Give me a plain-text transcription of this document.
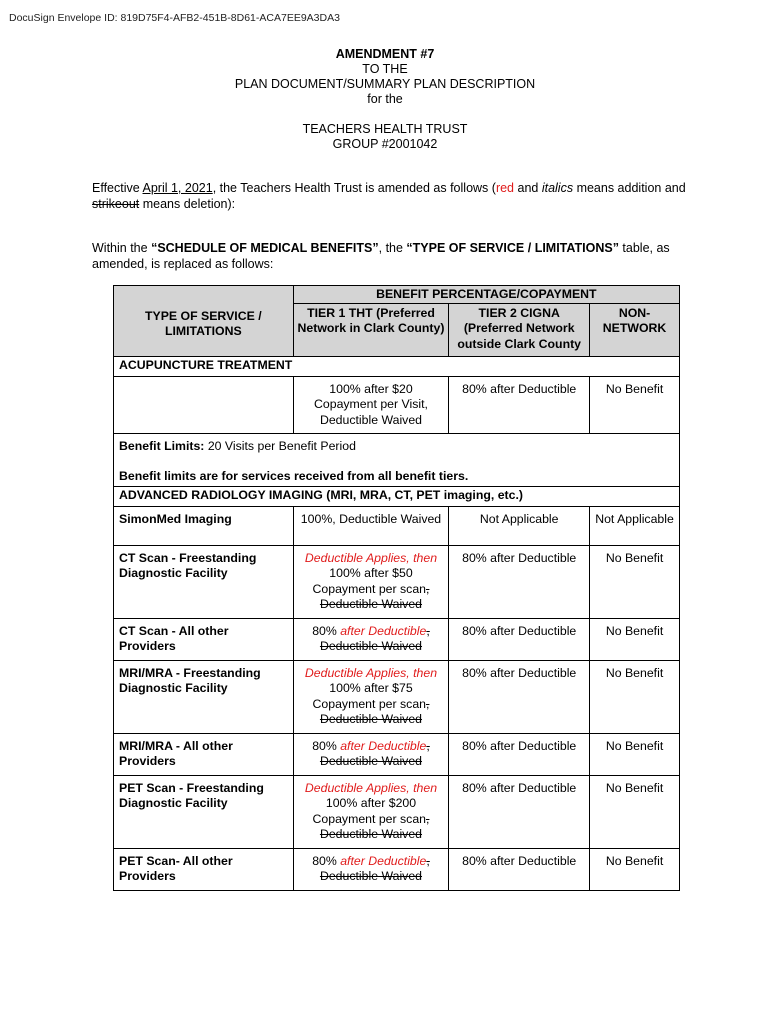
DocuSign Envelope ID: 819D75F4-AFB2-451B-8D61-ACA7EE9A3DA3
AMENDMENT #7
TO THE
PLAN DOCUMENT/SUMMARY PLAN DESCRIPTION
for the
TEACHERS HEALTH TRUST
GROUP #2001042
Effective April 1, 2021, the Teachers Health Trust is amended as follows (red and italics means addition and
strikeout means deletion):
Within the “SCHEDULE OF MEDICAL BENEFITS”, the “TYPE OF SERVICE / LIMITATIONS” table, as amended, is replaced as follows:
TYPE OF SERVICE / LIMITATIONS	BENEFIT PERCENTAGE/COPAYMENT		
	TIER 1 THT (Preferred Network in Clark County)	TIER 2 CIGNA (Preferred Network outside Clark County	NON-NETWORK
ACUPUNCTURE TREATMENT			
	100% after $20 Copayment per Visit, Deductible Waived	80% after Deductible	No Benefit

Benefit Limits: 20 Visits per Benefit Period
Benefit limits are for services received from all benefit tiers.			

ADVANCED RADIOLOGY IMAGING (MRI, MRA, CT, PET imaging, etc.)			
SimonMed Imaging	100%, Deductible Waived	Not Applicable	Not Applicable
CT Scan - Freestanding Diagnostic Facility	Deductible Applies, then
100% after $50 Copayment per scan,
Deductible Waived	80% after Deductible	No Benefit
CT Scan - All other Providers	80% after Deductible,
Deductible Waived	80% after Deductible	No Benefit
MRI/MRA - Freestanding Diagnostic Facility	Deductible Applies, then
100% after $75 Copayment per scan,
Deductible Waived	80% after Deductible	No Benefit
MRI/MRA - All other Providers	80% after Deductible,
Deductible Waived	80% after Deductible	No Benefit
PET Scan - Freestanding Diagnostic Facility	Deductible Applies, then
100% after $200 Copayment per scan,
Deductible Waived	80% after Deductible	No Benefit
PET Scan- All other Providers	80% after Deductible,
Deductible Waived	80% after Deductible	No Benefit
